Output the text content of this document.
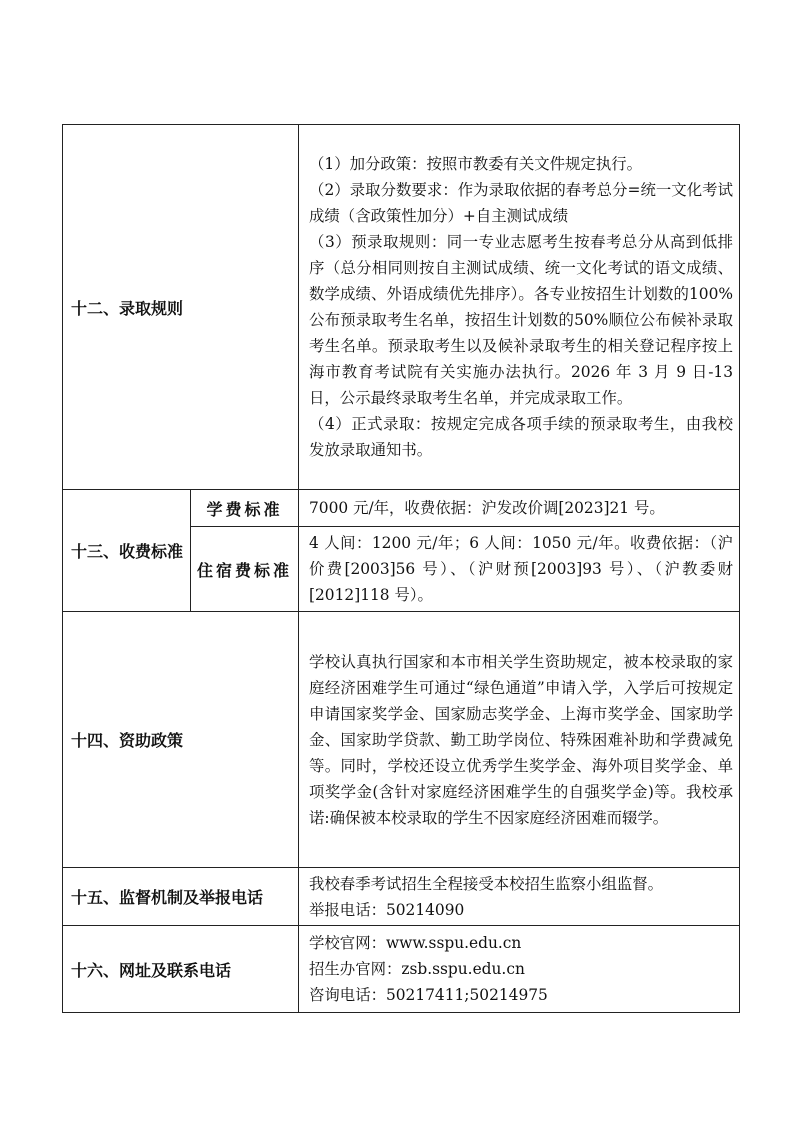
十二、录取规则		（1）加分政策：按照市教委有关文件规定执行。

（2）录取分数要求：作为录取依据的春考总分=统一文化考试成绩（含政策性加分）+自主测试成绩

（3）预录取规则：同一专业志愿考生按春考总分从高到低排序（总分相同则按自主测试成绩、统一文化考试的语文成绩、数学成绩、外语成绩优先排序）。各专业按招生计划数的100%公布预录取考生名单，按招生计划数的50%顺位公布候补录取考生名单。预录取考生以及候补录取考生的相关登记程序按上海市教育考试院有关实施办法执行。2026 年 3 月 9 日-13 日，公示最终录取考生名单，并完成录取工作。

（4）正式录取：按规定完成各项手续的预录取考生，由我校发放录取通知书。

十三、收费标准	学费标准	7000 元/年，收费依据：沪发改价调[2023]21 号。
	住宿费标准	4 人间：1200 元/年；6 人间：1050 元/年。收费依据：（沪价费[2003]56 号）、（沪财预[2003]93 号）、（沪教委财[2012]118 号）。
十四、资助政策		学校认真执行国家和本市相关学生资助规定，被本校录取的家庭经济困难学生可通过“绿色通道”申请入学，入学后可按规定申请国家奖学金、国家励志奖学金、上海市奖学金、国家助学金、国家助学贷款、勤工助学岗位、特殊困难补助和学费减免等。同时，学校还设立优秀学生奖学金、海外项目奖学金、单项奖学金(含针对家庭经济困难学生的自强奖学金)等。我校承诺:确保被本校录取的学生不因家庭经济困难而辍学。
十五、监督机制及举报电话		我校春季考试招生全程接受本校招生监察小组监督。

举报电话：50214090

十六、网址及联系电话		学校官网：www.sspu.edu.cn

招生办官网：zsb.sspu.edu.cn

咨询电话：50217411;50214975
